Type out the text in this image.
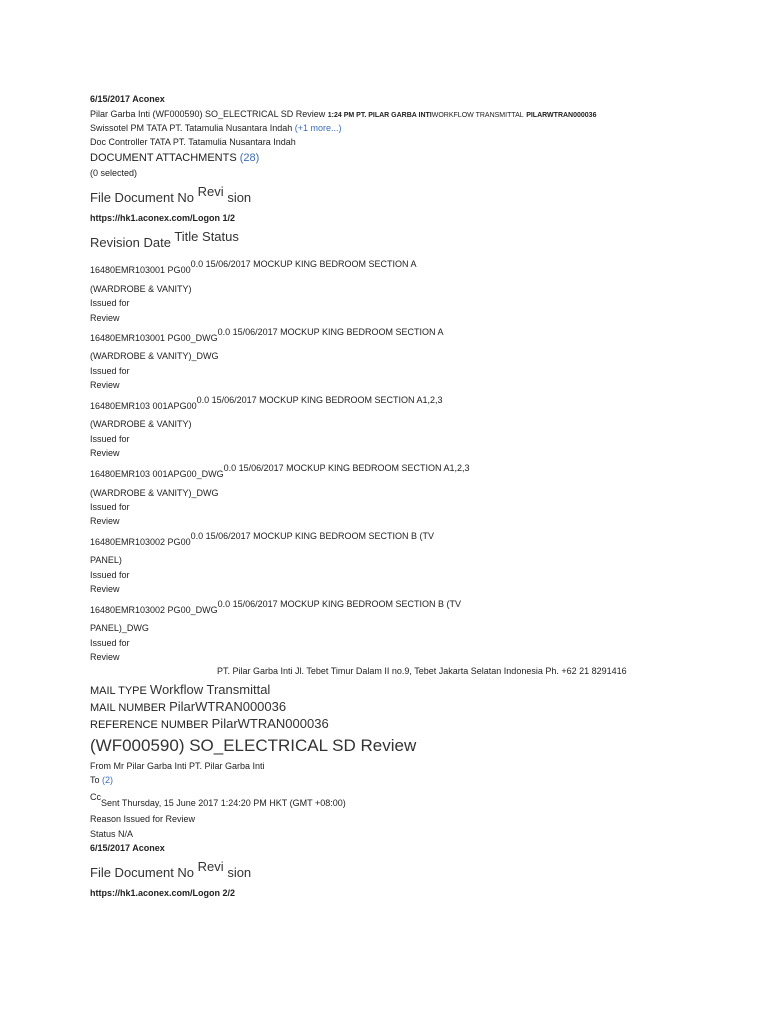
6/15/2017 Aconex
Pilar Garba Inti (WF000590) SO_ELECTRICAL SD Review 1:24 PM PT. PILAR GARBA INTIWORKFLOW TRANSMITTAL PILARWTRAN000036
Swissotel PM TATA PT. Tatamulia Nusantara Indah (+1 more...)
Doc Controller TATA PT. Tatamulia Nusantara Indah
DOCUMENT ATTACHMENTS (28)
(0 selected)
File Document No Revi sion
https://hk1.aconex.com/Logon 1/2
Revision Date Title Status
16480EMR103001 PG000.0 15/06/2017 MOCKUP KING BEDROOM SECTION A
(WARDROBE & VANITY)
Issued for
Review
16480EMR103001 PG00_DWG0.0 15/06/2017 MOCKUP KING BEDROOM SECTION A
(WARDROBE & VANITY)_DWG
Issued for
Review
16480EMR103 001APG000.0 15/06/2017 MOCKUP KING BEDROOM SECTION A1,2,3
(WARDROBE & VANITY)
Issued for
Review
16480EMR103 001APG00_DWG0.0 15/06/2017 MOCKUP KING BEDROOM SECTION A1,2,3
(WARDROBE & VANITY)_DWG
Issued for
Review
16480EMR103002 PG000.0 15/06/2017 MOCKUP KING BEDROOM SECTION B (TV
PANEL)
Issued for
Review
16480EMR103002 PG00_DWG0.0 15/06/2017 MOCKUP KING BEDROOM SECTION B (TV
PANEL)_DWG
Issued for
Review
PT. Pilar Garba Inti Jl. Tebet Timur Dalam II no.9, Tebet Jakarta Selatan Indonesia Ph. +62 21 8291416
MAIL TYPE Workflow Transmittal
MAIL NUMBER PilarWTRAN000036
REFERENCE NUMBER PilarWTRAN000036
(WF000590) SO_ELECTRICAL SD Review
From Mr Pilar Garba Inti PT. Pilar Garba Inti
To (2)
CcSent Thursday, 15 June 2017 1:24:20 PM HKT (GMT +08:00)
Reason Issued for Review
Status N/A
6/15/2017 Aconex
File Document No Revi sion
https://hk1.aconex.com/Logon 2/2
